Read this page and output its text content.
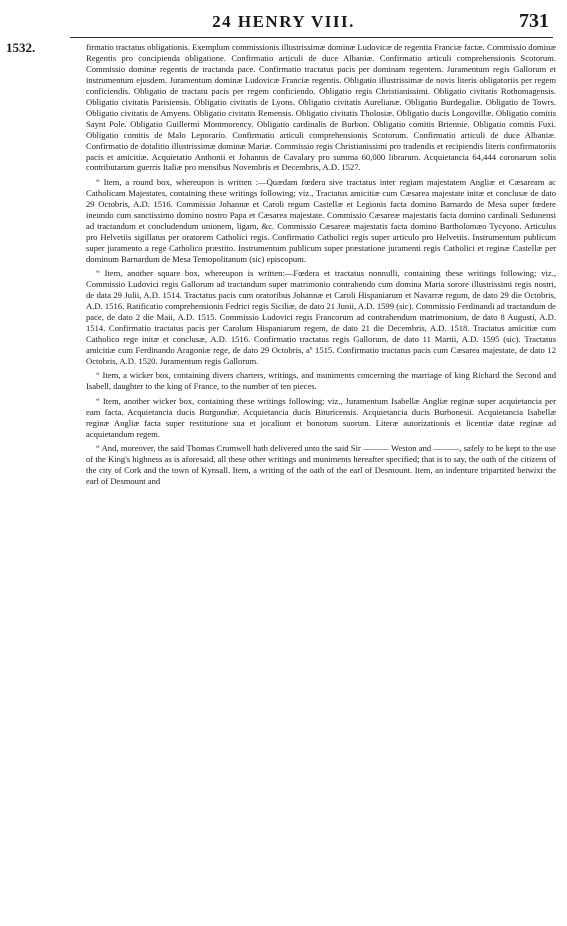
24 HENRY VIII.	731
1532.	firmatio tractatus obligationis. Exemplum commissionis illustrissimæ dominæ Ludovicæ de regentia Franciæ factæ. Commissio dominæ Regentis pro concipienda obligatione. Confirmatio articuli de duce Albaniæ. Confirmatio articuli comprehensionis Scotorum. Commissio dominæ regentis de tractanda pace. Confirmatio tractatus pacis per dominam regentem. Juramentum regis Gallorum et instrumentum ejusdem. Juramentum dominæ Ludovicæ Franciæ regentis. Obligatio illustrissimæ de novis literis obligatoriis per regem conficiendis. Obligatio de tractatu pacis per regem conficiendo. Obligatio regis Christianissimi. Obligatio civitatis Rothomagensis. Obligatio civitatis Parisiensis. Obligatio civitatis de Lyons. Obligatio civitatis Aurelianæ. Obligatio Burdegaliæ. Obligatio de Towrs. Obligatio civitatis de Amyens. Obligatio civitatis Remensis. Obligatio civitatis Tholosiæ. Obligatio ducis Longovillæ. Obligatio comitis Saynt Pole. Obligatio Guillermi Montmorency. Obligatio cardinalis de Burbon. Obligatio comitis Briennie. Obligatio comitis Fuxi. Obligatio comitis de Malo Leporario. Confirmatio articuli comprehensionis Scotorum. Confirmatio articuli de duce Albaniæ. Confirmatio de dotalitio illustrissimæ dominæ Mariæ. Commissio regis Christianissimi pro tradendis et recipiendis literis confirmatoriis pacis et amicitiæ. Acquietatio Anthonii et Johannis de Cavalary pro summa 60,000 librarum. Acquietancia 64,444 coronarum solis contributarum guerris Italiæ pro mensibus Novembris et Decembris, A.D. 1527.

“ Item, a round box, whereupon is written :—Quædam fœdera sive tractatus inter regiam majestatem Angliæ et Cæsaream ac Catholicam Majestates, containing these writings following; viz., Tractatus amicitiæ cum Cæsarea majestate initæ et conclusæ de dato 29 Octobris, A.D. 1516. Commissio Johannæ et Caroli regum Castellæ et Legionis facta domino Barnardo de Mesa super fœdere ineundo cum sanctissimo domino nostro Papa et Cæsarea majestate. Commissio Cæsareæ majestatis facta domino cardinali Sedunensi ad tractandum et concludendum unionem, ligam, &c. Commissio Cæsareæ majestatis facta domino Bartholomæo Tycyono. Articulus pro Helvetiis sigillatus per oratorem Catholici regis. Confirmatio Catholici regis super articulo pro Helvetiis. Instrumentum publicum super juramento a rege Catholico præstito. Instrumentum publicum super præstatione juramenti regis Catholici et reginæ Castellæ per dominum Barnardum de Mesa Temopolitanum (sic) episcopum.

“ Item, another square box, whereupon is written:—Fœdera et tractatus nonnulli, containing these writings following; viz., Commissio Ludovici regis Gallorum ad tractandum super matrimonio contrahendo cum domina Maria sorore illustrissimi regis nostri, de data 29 Julii, A.D. 1514. Tractatus pacis cum oratoribus Johannæ et Caroli Hispaniarum et Navarræ regum, de dato 29 die Octobris, A.D. 1516. Ratificatio comprehensionis Fedrici regis Siciliæ, de dato 21 Junii, A.D. 1599 (sic). Commissio Ferdinandi ad tractandum de pace, de dato 2 die Maii, A.D. 1515. Commissio Ludovici regis Francorum ad contrahendum matrimonium, de dato 8 Augusti, A.D. 1514. Confirmatio tractatus pacis per Carolum Hispaniarum regem, de dato 21 die Decembris, A.D. 1518. Tractatus amicitiæ cum Catholico rege initæ et conclusæ, A.D. 1516. Confirmatio tractatus regis Gallorum, de dato 11 Martii, A.D. 1595 (sic). Tractatus amicitiæ cum Ferdinando Aragoniæ rege, de dato 29 Octobris, aº 1515. Confirmatio tractatus pacis cum Cæsarea majestate, de dato 12 Octobris, A.D. 1520. Juramentum regis Gallorum.

“ Item, a wicker box, containing divers charters, writings, and muniments concerning the marriage of king Richard the Second and Isabell, daughter to the king of France, to the number of ten pieces.

“ Item, another wicker box, containing these writings following; viz., Juramentum Isabellæ Angliæ reginæ super acquietancia per eam facta. Acquietancia ducis Burgundiæ. Acquietancia ducis Bituricensis. Acquietancia ducis Burbonesii. Acquietancia Isabellæ reginæ Angliæ facta super restitutione sua et jocalium et bonorum suorum. Literæ autorizationis et licentiæ datæ reginæ ad acquietandum regem.

“ And, moreover, the said Thomas Crumwell hath delivered unto the said Sir ——— Weston and ———, safely to be kept to the use of the King's highness as is aforesaid, all these other writings and muniments hereafter specified; that is to say, the oath of the citizens of the city of Cork and the town of Kynsall. Item, a writing of the oath of the earl of Desmount. Item, an indenture tripartited betwixt the earl of Desmount and
